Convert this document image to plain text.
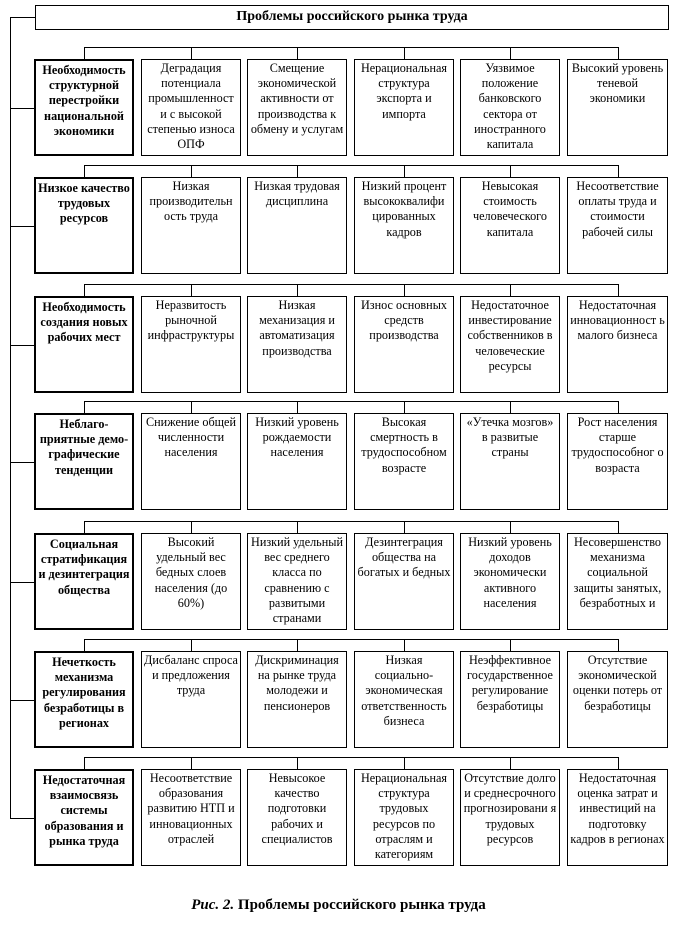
Проблемы российского рынка труда
Необходимость структурной перестройки национальной экономики
Деградация потенциала промышленност и с высокой степенью износа ОПФ
Смещение экономической активности от производства к обмену и услугам
Нерациональная структура экспорта и импорта
Уязвимое положение банковского сектора от иностранного капитала
Высокий уровень теневой экономики
Низкое качество трудовых ресурсов
Низкая производительн ость труда
Низкая трудовая дисциплина
Низкий процент высококвалифи цированных кадров
Невысокая стоимость человеческого капитала
Несоответствие оплаты труда и стоимости рабочей силы
Необходимость создания новых рабочих мест
Неразвитость рыночной инфраструктуры
Низкая механизация и автоматизация производства
Износ основных средств производства
Недостаточное инвестирование собственников в человеческие ресурсы
Недостаточная инновационност ь малого бизнеса
Неблаго- приятные демо- графические тенденции
Снижение общей численности населения
Низкий уровень рождаемости населения
Высокая смертность в трудоспособном возрасте
«Утечка мозгов» в развитые страны
Рост населения старше трудоспособног о возраста
Социальная стратификация и дезинтеграция общества
Высокий удельный вес бедных слоев населения (до 60%)
Низкий удельный вес среднего класса по сравнению с развитыми странами
Дезинтеграция общества на богатых и бедных
Низкий уровень доходов экономически активного населения
Несовершенство механизма социальной защиты занятых, безработных и
Нечеткость механизма регулирования безработицы в регионах
Дисбаланс спроса и предложения труда
Дискриминация на рынке труда молодежи и пенсионеров
Низкая социально- экономическая ответственность бизнеса
Неэффективное государственное регулирование безработицы
Отсутствие экономической оценки потерь от безработицы
Недостаточная взаимосвязь системы образования и рынка труда
Несоответствие образования развитию НТП и инновационных отраслей
Невысокое качество подготовки рабочих и специалистов
Нерациональная структура трудовых ресурсов по отраслям и категориям
Отсутствие долго и среднесрочного прогнозировани я трудовых ресурсов
Недостаточная оценка затрат и инвестиций на подготовку кадров в регионах
Рис. 2. Проблемы российского рынка труда
